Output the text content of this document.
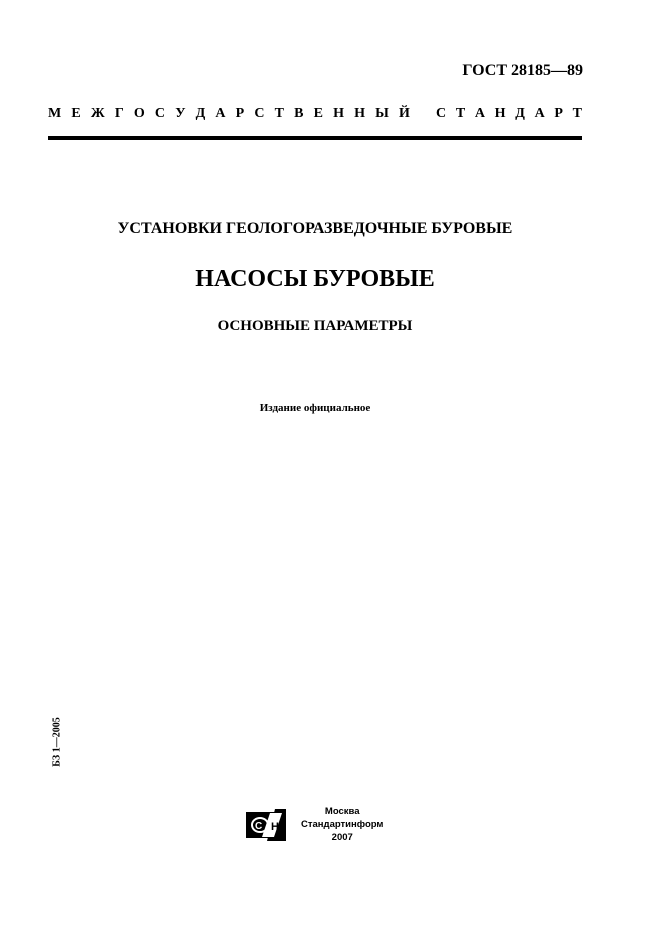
ГОСТ 28185—89
М Е Ж Г О С У Д А Р С Т В Е Н Н Ы Й С Т А Н Д А Р Т
УСТАНОВКИ ГЕОЛОГОРАЗВЕДОЧНЫЕ БУРОВЫЕ
НАСОСЫ БУРОВЫЕ
ОСНОВНЫЕ ПАРАМЕТРЫ
Издание официальное
БЗ 1—2005
С Н
Москва
Стандартинформ
2007
